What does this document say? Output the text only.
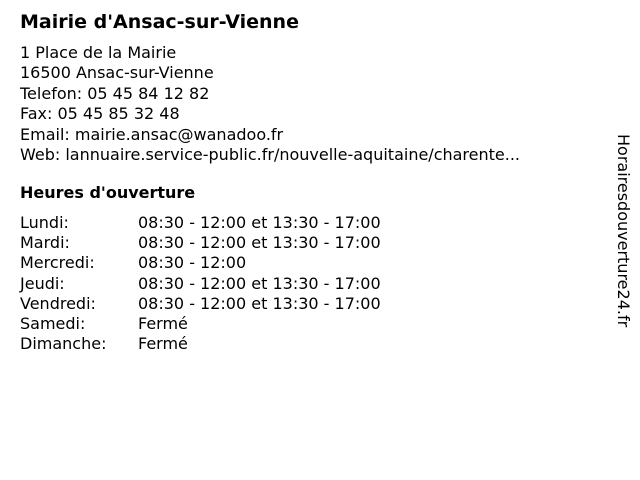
Mairie d'Ansac-sur-Vienne
1 Place de la Mairie
16500 Ansac-sur-Vienne
Telefon: 05 45 84 12 82
Fax: 05 45 85 32 48
Email: mairie.ansac@wanadoo.fr
Web: lannuaire.service-public.fr/nouvelle-aquitaine/charente...
Heures d'ouverture
Lundi:	08:30 - 12:00 et 13:30 - 17:00
Mardi:	08:30 - 12:00 et 13:30 - 17:00
Mercredi:	08:30 - 12:00
Jeudi:	08:30 - 12:00 et 13:30 - 17:00
Vendredi:	08:30 - 12:00 et 13:30 - 17:00
Samedi:	Fermé
Dimanche:	Fermé
Horairesdouverture24.fr
